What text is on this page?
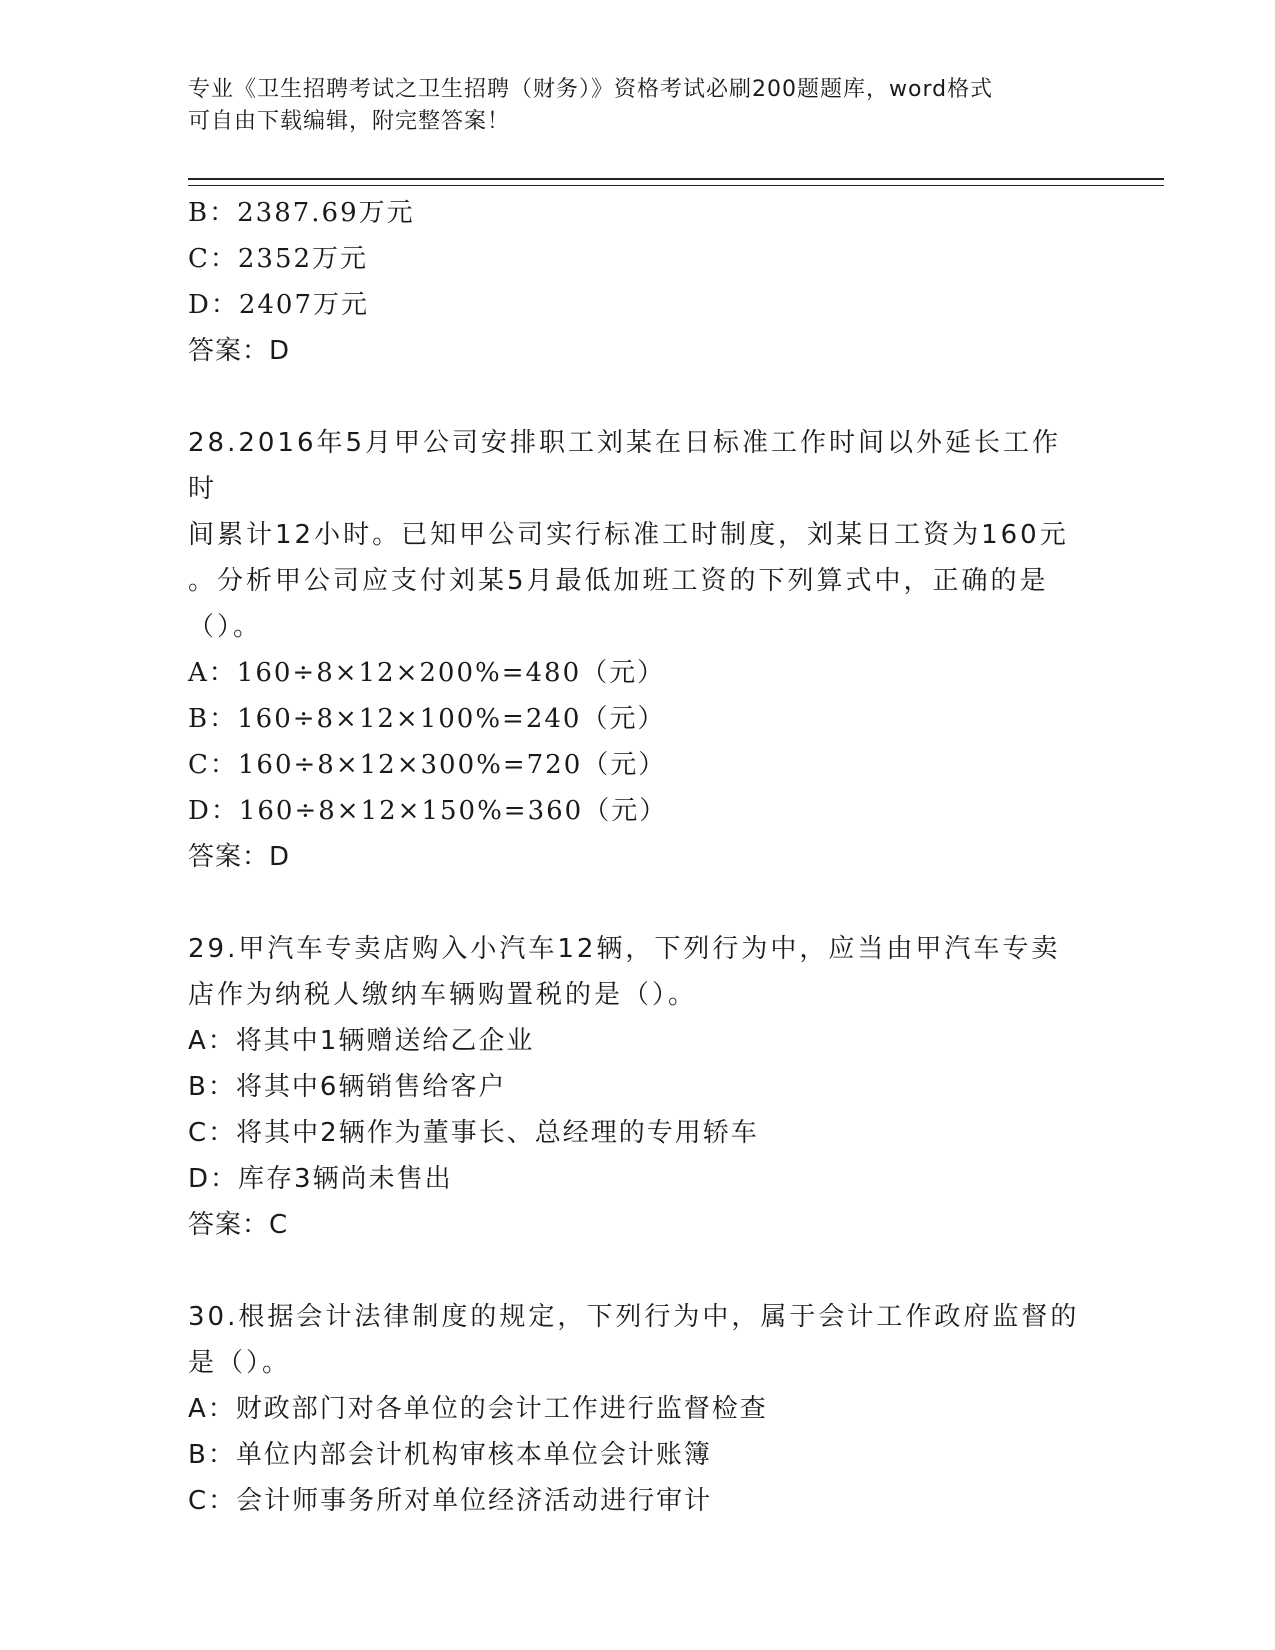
专业《卫生招聘考试之卫生招聘（财务）》资格考试必刷200题题库，word格式
可自由下载编辑，附完整答案！
B：2387.69万元
C：2352万元
D：2407万元
答案：D
28.2016年5月甲公司安排职工刘某在日标准工作时间以外延长工作时
间累计12小时。已知甲公司实行标准工时制度，刘某日工资为160元
。分析甲公司应支付刘某5月最低加班工资的下列算式中，正确的是
（）。
A：160÷8×12×200%=480（元）
B：160÷8×12×100%=240（元）
C：160÷8×12×300%=720（元）
D：160÷8×12×150%=360（元）
答案：D
29.甲汽车专卖店购入小汽车12辆，下列行为中，应当由甲汽车专卖
店作为纳税人缴纳车辆购置税的是（）。
A：将其中1辆赠送给乙企业
B：将其中6辆销售给客户
C：将其中2辆作为董事长、总经理的专用轿车
D：库存3辆尚未售出
答案：C
30.根据会计法律制度的规定，下列行为中，属于会计工作政府监督的
是（）。
A：财政部门对各单位的会计工作进行监督检查
B：单位内部会计机构审核本单位会计账簿
C：会计师事务所对单位经济活动进行审计
